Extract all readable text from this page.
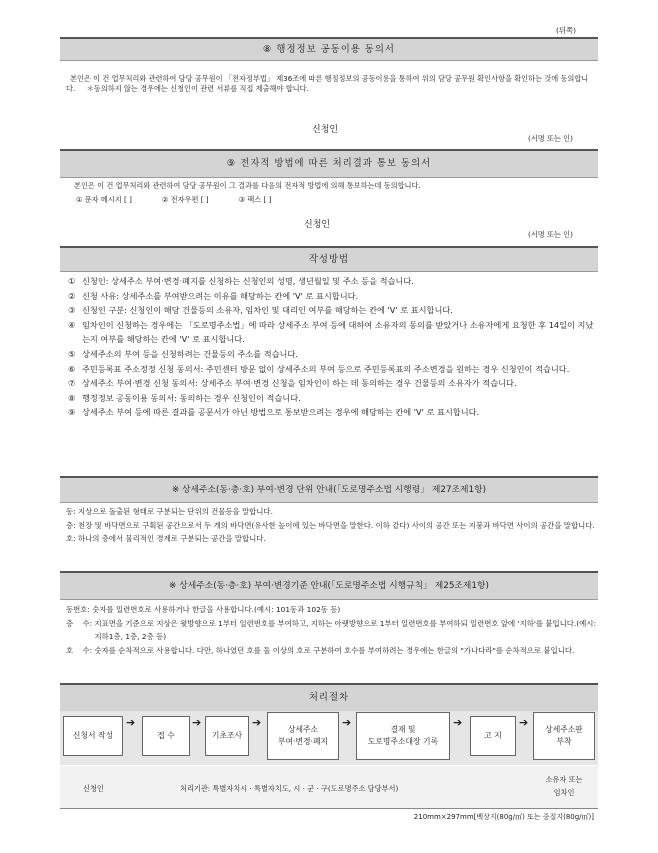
(뒤쪽)
⑧ 행정정보 공동이용 동의서
본인은 이 건 업무처리와 관련하여 담당 공무원이 「전자정부법」 제36조에 따른 행정정보의 공동이용을 통하여 위의 담당 공무원 확인사항을 확인하는 것에 동의합니다. ＊동의하지 않는 경우에는 신청인이 관련 서류를 직접 제출해야 합니다.
신청인
(서명 또는 인)
⑨ 전자적 방법에 따른 처리결과 통보 동의서
본인은 이 건 업무처리와 관련하여 담당 공무원이 그 결과를 다음의 전자적 방법에 의해 통보하는데 동의합니다.
① 문자 메시지 [ ]	② 전자우편 [ ]	③ 팩스 [ ]
신청인
(서명 또는 인)
작성방법
① 신청인: 상세주소 부여·변경·폐지를 신청하는 신청인의 성명, 생년월일 및 주소 등을 적습니다.
② 신청 사유: 상세주소를 부여받으려는 이유를 해당하는 칸에 'V' 로 표시합니다.
③ 신청인 구분: 신청인이 해당 건물등의 소유자, 임차인 및 대리인 여부를 해당하는 칸에 'V' 로 표시합니다.
④ 임차인이 신청하는 경우에는 「도로명주소법」에 따라 상세주소 부여 등에 대하여 소유자의 동의를 받았거나 소유자에게 요청한 후 14일이 지났는지 여부를 해당하는 칸에 'V' 로 표시합니다.
⑤ 상세주소의 부여 등을 신청하려는 건물등의 주소를 적습니다.
⑥ 주민등록표 주소정정 신청 동의서: 주민센터 방문 없이 상세주소의 부여 등으로 주민등록표의 주소변경을 원하는 경우 신청인이 적습니다.
⑦ 상세주소 부여·변경 신청 동의서: 상세주소 부여·변경 신청을 임차인이 하는 데 동의하는 경우 건물등의 소유자가 적습니다.
⑧ 행정정보 공동이용 동의서: 동의하는 경우 신청인이 적습니다.
⑨ 상세주소 부여 등에 따른 결과를 공문서가 아닌 방법으로 통보받으려는 경우에 해당하는 칸에 'V' 로 표시합니다.
※ 상세주소(동·층·호) 부여·변경 단위 안내(「도로명주소법 시행령」 제27조제1항)
동: 지상으로 돌출된 형태로 구분되는 단위의 건물등을 말합니다.
층: 천장 및 바닥면으로 구획된 공간으로서 두 개의 바닥면(유사한 높이에 있는 바닥면을 말한다. 이하 같다) 사이의 공간 또는 지붕과 바닥면 사이의 공간을 말합니다.
호: 하나의 층에서 물리적인 경계로 구분되는 공간을 말합니다.
※ 상세주소(동·층·호) 부여·변경기준 안내(「도로명주소법 시행규칙」 제25조제1항)
동번호: 숫자를 일련번호로 사용하거나 한글을 사용합니다.(예시: 101동과 102동 등)
층    수: 지표면을 기준으로 지상은 윗방향으로 1부터 일련번호를 부여하고, 지하는 아랫방향으로 1부터 일련번호를 부여하되 일련번호 앞에 '지하'를 붙입니다.(예시: 지하1층, 1층, 2층 등)
호    수: 숫자를 순차적으로 사용합니다. 다만, 하나였던 호를 둘 이상의 호로 구분하여 호수를 부여하려는 경우에는 한글의 "가나다라"를 순차적으로 붙입니다.
처리절차
신청서 작성
➔
접 수
➔
기초조사
➔
상세주소
부여·변경·폐지
➔
결재 및
도로명주소대장 기록
➔
고 지
➔
상세주소판
부착
신청인	처리기관: 특별자치시 · 특별자치도, 시 · 군 · 구(도로명주소 담당부서)
소유자 또는
임차인
210mm×297mm[백상지(80g/㎡) 또는 중질지(80g/㎡)]
